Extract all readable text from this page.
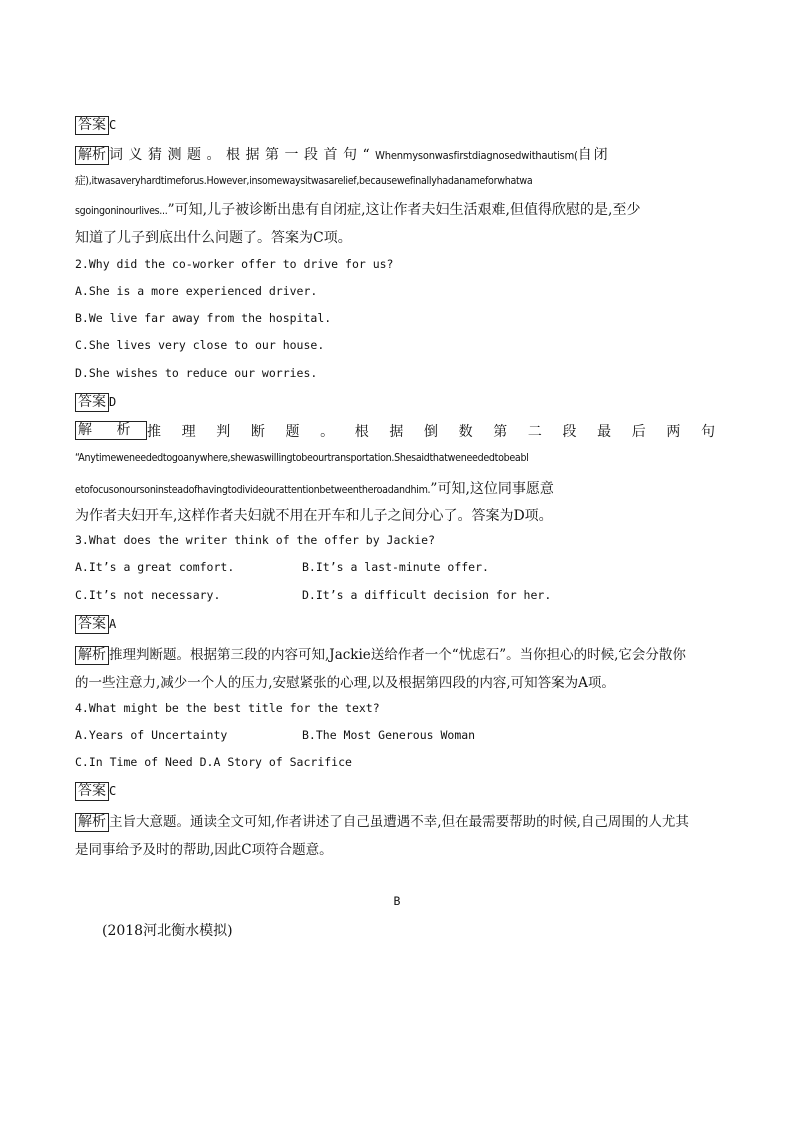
答案 C
解析 词义猜测题。根据第一段首句“Whenmysonwasfirstdiagnosedwithautism(自闭
症),itwasaveryhardtimeforus.However,insomewaysitwasarelief,becausewefinallyhadanameforwhatwa
sgoingoninourlives...”可知,儿子被诊断出患有自闭症,这让作者夫妇生活艰难,但值得欣慰的是,至少
知道了儿子到底出什么问题了。答案为C项。
2.Why did the co-worker offer to drive for us?
A.She is a more experienced driver.
B.We live far away from the hospital.
C.She lives very close to our house.
D.She wishes to reduce our worries.
答案 D
解 析 推理判断题。根据倒数第二段最后两句
“Anytimeweneededtogoanywhere,shewaswillingtobeourtransportation.Shesaidthatweneededtobeabl
etofocusonoursoninsteadofhavingtodivideourattentionbetweentheroadandhim.”可知,这位同事愿意
为作者夫妇开车,这样作者夫妇就不用在开车和儿子之间分心了。答案为D项。
3.What does the writer think of the offer by Jackie?
A.It’s a great comfort.	B.It’s a last-minute offer.
C.It’s not necessary.	D.It’s a difficult decision for her.
答案 A
解析 推理判断题。根据第三段的内容可知,Jackie送给作者一个“忧虑石”。当你担心的时候,它会分散你
的一些注意力,减少一个人的压力,安慰紧张的心理,以及根据第四段的内容,可知答案为A项。
4.What might be the best title for the text?
A.Years of Uncertainty	B.The Most Generous Woman
C.In Time of Need D.A Story of Sacrifice
答案 C
解析 主旨大意题。通读全文可知,作者讲述了自己虽遭遇不幸,但在最需要帮助的时候,自己周围的人尤其
是同事给予及时的帮助,因此C项符合题意。
B
(2018河北衡水模拟)
